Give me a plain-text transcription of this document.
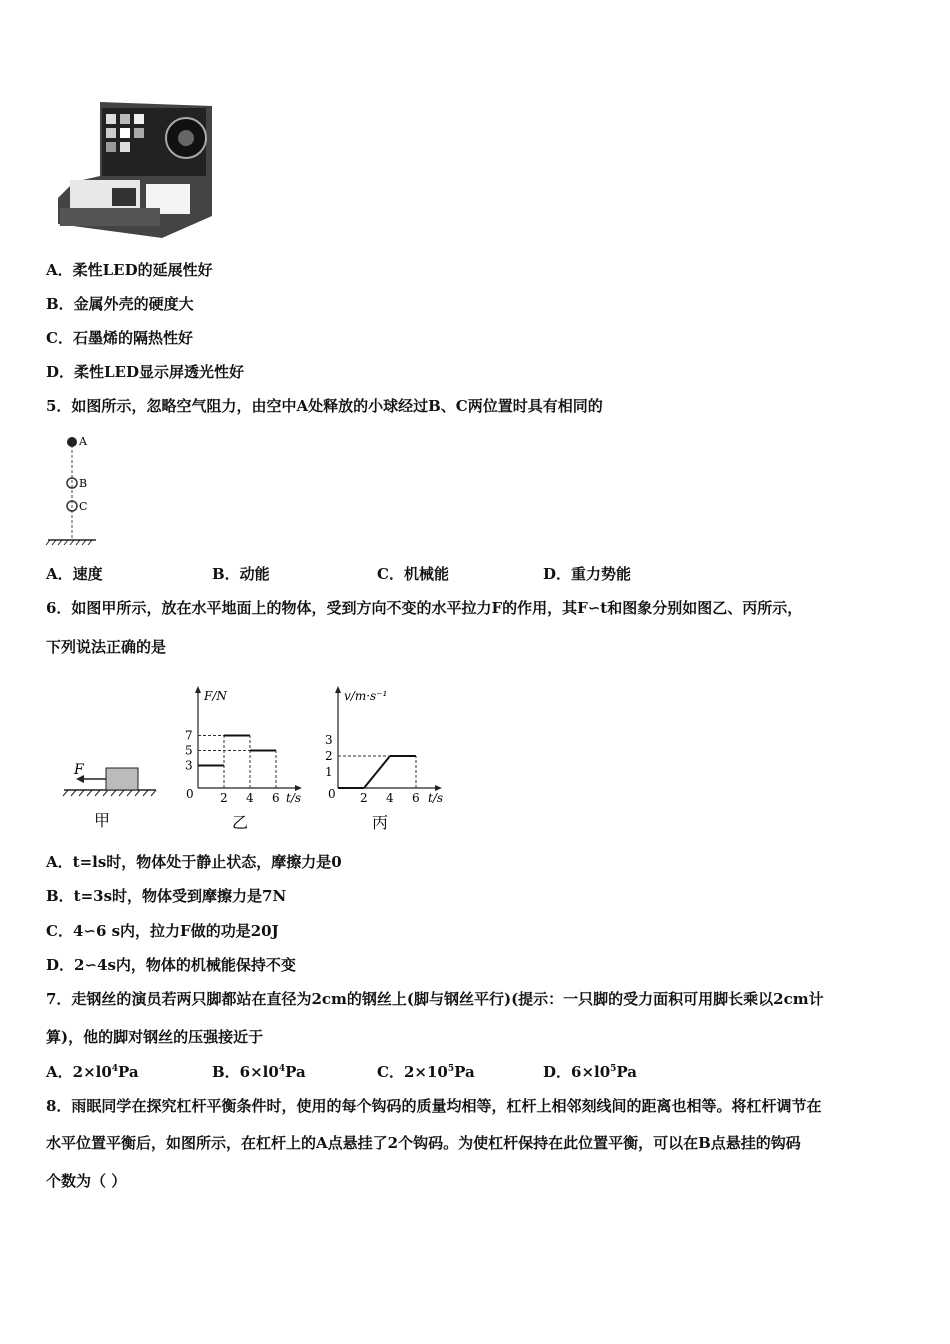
A．柔性LED的延展性好
B．金属外壳的硬度大
C．石墨烯的隔热性好
D．柔性LED显示屏透光性好
5．如图所示，忽略空气阻力，由空中A处释放的小球经过B、C两位置时具有相同的
A
B
C
A．速度	B．动能	C．机械能	D．重力势能
6．如图甲所示，放在水平地面上的物体，受到方向不变的水平拉力F的作用，其F∽t和图象分别如图乙、丙所示，
下列说法正确的是
F
甲
F/N
t/s
0 2 4 6
3
5
7
乙
v/m·s⁻¹
t/s
0 2 4 6
1
2
3
丙
A．t=ls时，物体处于静止状态，摩擦力是0
B．t=3s时，物体受到摩擦力是7N
C．4∽6 s内，拉力F做的功是20J
D．2∽4s内，物体的机械能保持不变
7．走钢丝的演员若两只脚都站在直径为2cm的钢丝上(脚与钢丝平行)(提示：一只脚的受力面积可用脚长乘以2cm计
算)，他的脚对钢丝的压强接近于
A．$2\times l0^4Pa$	B．$6\times l0^4Pa$	C．$2\times 10^5Pa$	D．$6\times l0^5Pa$
8．雨眠同学在探究杠杆平衡条件时，使用的每个钩码的质量均相等，杠杆上相邻刻线间的距离也相等。将杠杆调节在
水平位置平衡后，如图所示，在杠杆上的A点悬挂了2个钩码。为使杠杆保持在此位置平衡，可以在B点悬挂的钩码
个数为（ ）
